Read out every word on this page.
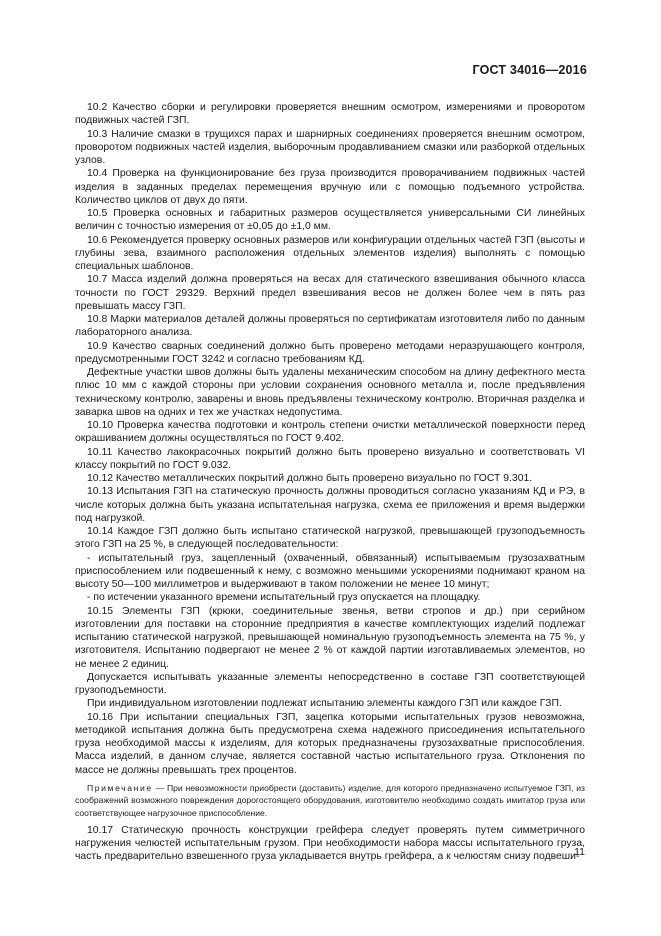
ГОСТ 34016—2016

10.2 Качество сборки и регулировки проверяется внешним осмотром, измерениями и проворотом подвижных частей ГЗП.

10.3 Наличие смазки в трущихся парах и шарнирных соединениях проверяется внешним осмотром, проворотом подвижных частей изделия, выборочным продавливанием смазки или разборкой отдельных узлов.

10.4 Проверка на функционирование без груза производится проворачиванием подвижных частей изделия в заданных пределах перемещения вручную или с помощью подъемного устройства. Количество циклов от двух до пяти.

10.5 Проверка основных и габаритных размеров осуществляется универсальными СИ линейных величин с точностью измерения от ±0,05 до ±1,0 мм.

10.6 Рекомендуется проверку основных размеров или конфигурации отдельных частей ГЗП (высоты и глубины зева, взаимного расположения отдельных элементов изделия) выполнять с помощью специальных шаблонов.

10.7 Масса изделий должна проверяться на весах для статического взвешивания обычного класса точности по ГОСТ 29329. Верхний предел взвешивания весов не должен более чем в пять раз превышать массу ГЗП.

10.8 Марки материалов деталей должны проверяться по сертификатам изготовителя либо по данным лабораторного анализа.

10.9 Качество сварных соединений должно быть проверено методами неразрушающего контроля, предусмотренными ГОСТ 3242 и согласно требованиям КД.

Дефектные участки швов должны быть удалены механическим способом на длину дефектного места плюс 10 мм с каждой стороны при условии сохранения основного металла и, после предъявления техническому контролю, заварены и вновь предъявлены техническому контролю. Вторичная разделка и заварка швов на одних и тех же участках недопустима.

10.10 Проверка качества подготовки и контроль степени очистки металлической поверхности перед окрашиванием должны осуществляться по ГОСТ 9.402.

10.11 Качество лакокрасочных покрытий должно быть проверено визуально и соответствовать VI классу покрытий по ГОСТ 9.032.

10.12 Качество металлических покрытий должно быть проверено визуально по ГОСТ 9.301.

10.13 Испытания ГЗП на статическую прочность должны проводиться согласно указаниям КД и РЭ, в числе которых должна быть указана испытательная нагрузка, схема ее приложения и время выдержки под нагрузкой.

10.14 Каждое ГЗП должно быть испытано статической нагрузкой, превышающей грузоподъемность этого ГЗП на 25 %, в следующей последовательности:

- испытательный груз, зацепленный (охваченный, обвязанный) испытываемым грузозахватным приспособлением или подвешенный к нему, с возможно меньшими ускорениями поднимают краном на высоту 50—100 миллиметров и выдерживают в таком положении не менее 10 минут;

- по истечении указанного времени испытательный груз опускается на площадку.

10.15 Элементы ГЗП (крюки, соединительные звенья, ветви стропов и др.) при серийном изготовлении для поставки на сторонние предприятия в качестве комплектующих изделий подлежат испытанию статической нагрузкой, превышающей номинальную грузоподъемность элемента на 75 %, у изготовителя. Испытанию подвергают не менее 2 % от каждой партии изготавливаемых элементов, но не менее 2 единиц.

Допускается испытывать указанные элементы непосредственно в составе ГЗП соответствующей грузоподъемности.

При индивидуальном изготовлении подлежат испытанию элементы каждого ГЗП или каждое ГЗП.

10.16 При испытании специальных ГЗП, зацепка которыми испытательных грузов невозможна, методикой испытания должна быть предусмотрена схема надежного присоединения испытательного груза необходимой массы к изделиям, для которых предназначены грузозахватные приспособления. Масса изделий, в данном случае, является составной частью испытательного груза. Отклонения по массе не должны превышать трех процентов.

Примечание — При невозможности приобрести (доставить) изделие, для которого предназначено испытуемое ГЗП, из соображений возможного повреждения дорогостоящего оборудования, изготовителю необходимо создать имитатор груза или соответствующее нагрузочное приспособление.

10.17 Статическую прочность конструкции грейфера следует проверять путем симметричного нагружения челюстей испытательным грузом. При необходимости набора массы испытательного груза, часть предварительно взвешенного груза укладывается внутрь грейфера, а к челюстям снизу подвеши-

11
